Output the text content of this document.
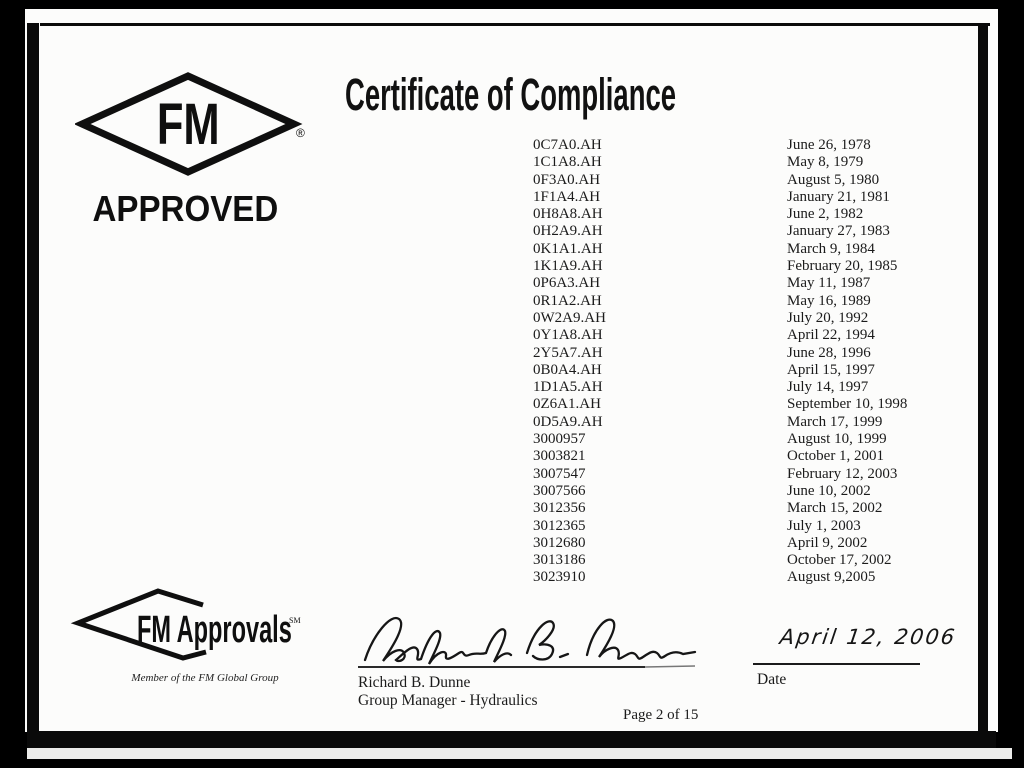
FM	®
APPROVED
Certificate of Compliance
0C7A0.AH	June 26, 1978
1C1A8.AH	May 8, 1979
0F3A0.AH	August 5, 1980
1F1A4.AH	January 21, 1981
0H8A8.AH	June 2, 1982
0H2A9.AH	January 27, 1983
0K1A1.AH	March 9, 1984
1K1A9.AH	February 20, 1985
0P6A3.AH	May 11, 1987
0R1A2.AH	May 16, 1989
0W2A9.AH	July 20, 1992
0Y1A8.AH	April 22, 1994
2Y5A7.AH	June 28, 1996
0B0A4.AH	April 15, 1997
1D1A5.AH	July 14, 1997
0Z6A1.AH	September 10, 1998
0D5A9.AH	March 17, 1999
3000957	August 10, 1999
3003821	October 1, 2001
3007547	February 12, 2003
3007566	June 10, 2002
3012356	March 15, 2002
3012365	July 1, 2003
3012680	April 9, 2002
3013186	October 17, 2002
3023910	August 9,2005
FM Approvals
SM
Member of the FM Global Group	Richard B. Dunne
Group Manager - Hydraulics
April 12, 2006
Date
Page 2 of 15
